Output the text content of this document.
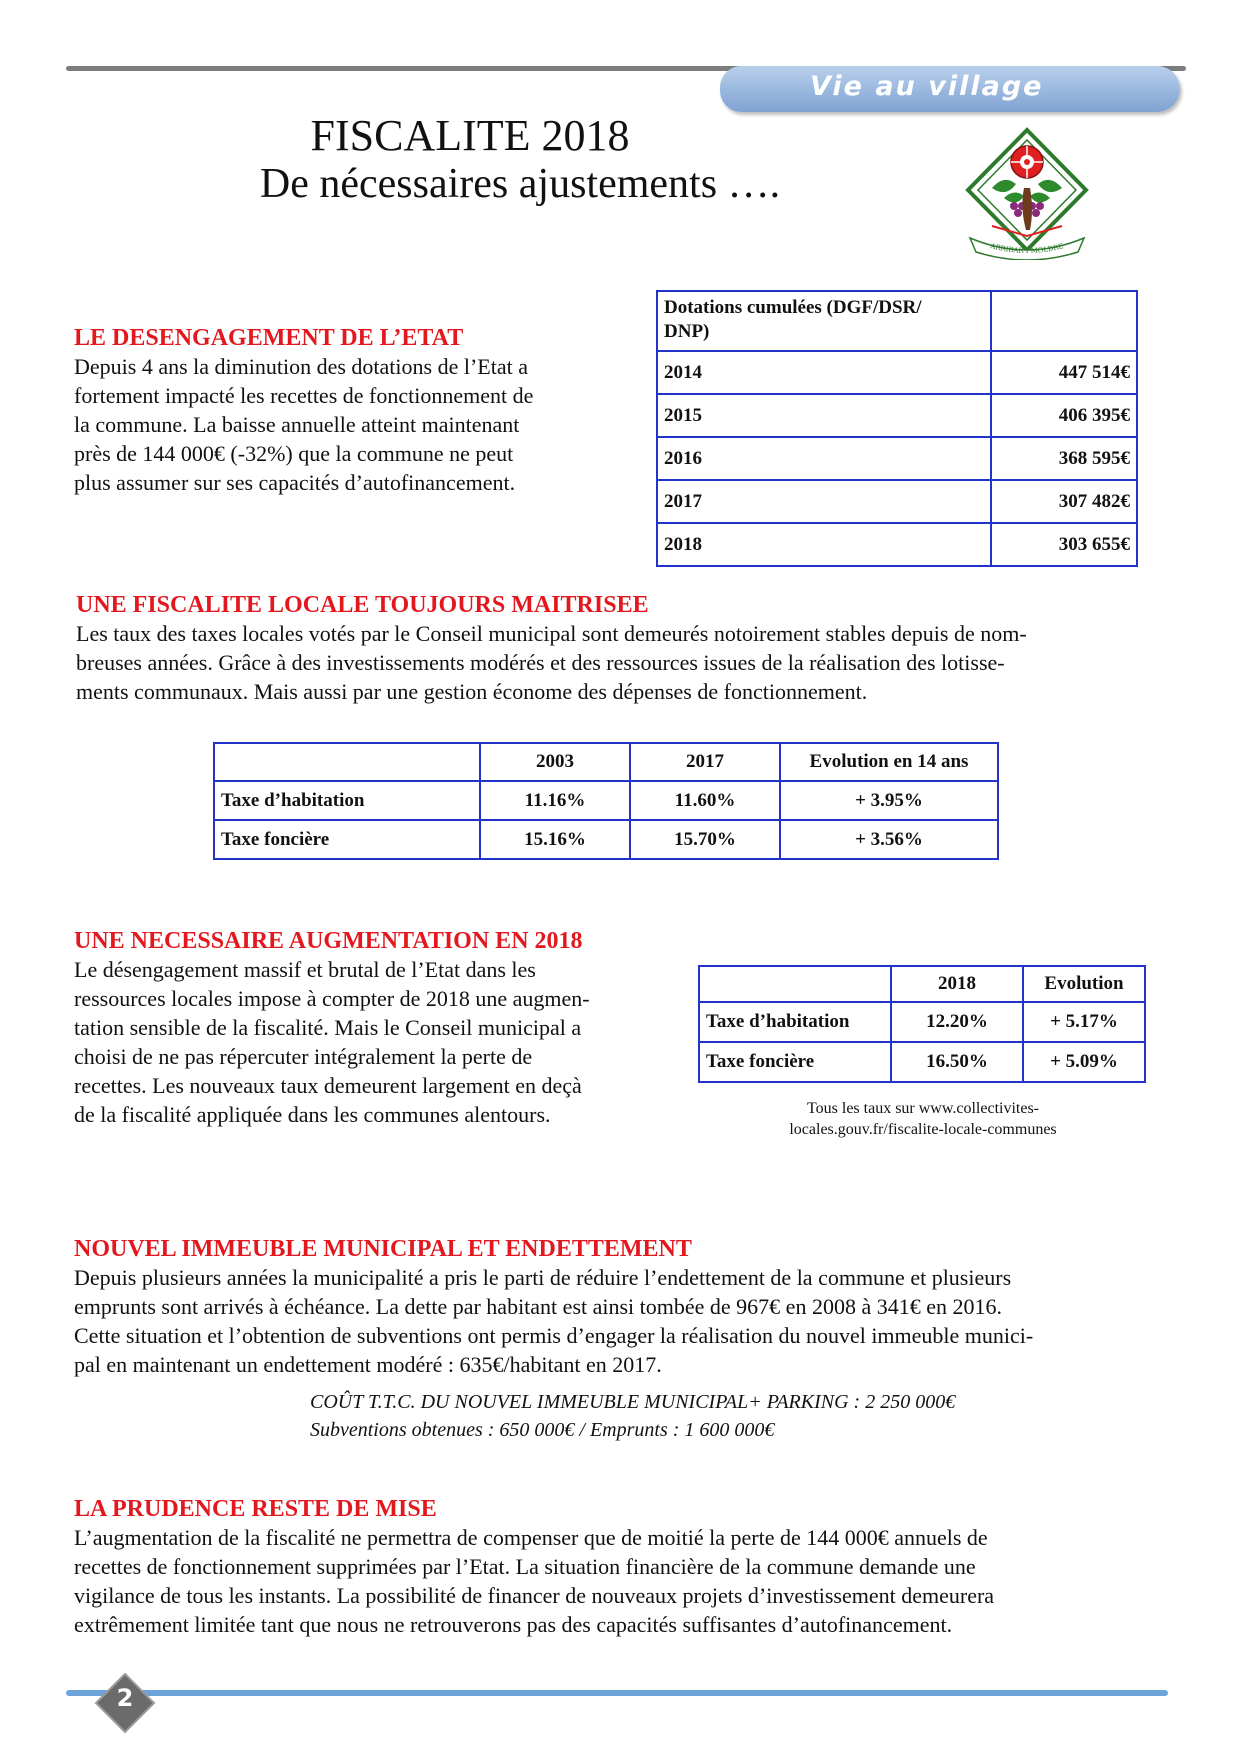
Vie au village
FISCALITE 2018
De nécessaires ajustements ….
ARRIBAR I MOLDRE
LE DESENGAGEMENT DE L’ETAT
Depuis 4 ans la diminution des dotations de l’Etat a
fortement impacté les recettes de fonctionnement de
la commune. La baisse annuelle atteint maintenant
près de 144 000€ (-32%) que la commune ne peut
plus assumer sur ses capacités d’autofinancement.
Dotations cumulées (DGF/DSR/
DNP)	

2014	447 514€
2015	406 395€
2016	368 595€
2017	307 482€
2018	303 655€
UNE FISCALITE LOCALE TOUJOURS MAITRISEE
Les taux des taxes locales votés par le Conseil municipal sont demeurés notoirement stables depuis de nom-
breuses années. Grâce à des investissements modérés et des ressources issues de la réalisation des lotisse-
ments communaux. Mais aussi par une gestion économe des dépenses de fonctionnement.
	2003	2017	Evolution en 14 ans
Taxe d’habitation	11.16%	11.60%	+ 3.95%
Taxe foncière	15.16%	15.70%	+ 3.56%
UNE NECESSAIRE AUGMENTATION EN 2018
Le désengagement massif et brutal de l’Etat dans les
ressources locales impose à compter de 2018 une augmen-
tation sensible de la fiscalité. Mais le Conseil municipal a
choisi de ne pas répercuter intégralement la perte de
recettes. Les nouveaux taux demeurent largement en deçà
de la fiscalité appliquée dans les communes alentours.
	2018	Evolution
Taxe d’habitation	12.20%	+ 5.17%
Taxe foncière	16.50%	+ 5.09%
Tous les taux sur www.collectivites-
locales.gouv.fr/fiscalite-locale-communes
NOUVEL IMMEUBLE MUNICIPAL ET ENDETTEMENT
Depuis plusieurs années la municipalité a pris le parti de réduire l’endettement de la commune et plusieurs
emprunts sont arrivés à échéance. La dette par habitant est ainsi tombée de 967€ en 2008 à 341€ en 2016.
Cette situation et l’obtention de subventions ont permis d’engager la réalisation du nouvel immeuble munici-
pal en maintenant un endettement modéré : 635€/habitant en 2017.
COÛT T.T.C. DU NOUVEL IMMEUBLE MUNICIPAL+ PARKING : 2 250 000€
Subventions obtenues : 650 000€ / Emprunts : 1 600 000€
LA PRUDENCE RESTE DE MISE
L’augmentation de la fiscalité ne permettra de compenser que de moitié la perte de 144 000€ annuels de
recettes de fonctionnement supprimées par l’Etat. La situation financière de la commune demande une
vigilance de tous les instants. La possibilité de financer de nouveaux projets d’investissement demeurera
extrêmement limitée tant que nous ne retrouverons pas des capacités suffisantes d’autofinancement.
2
